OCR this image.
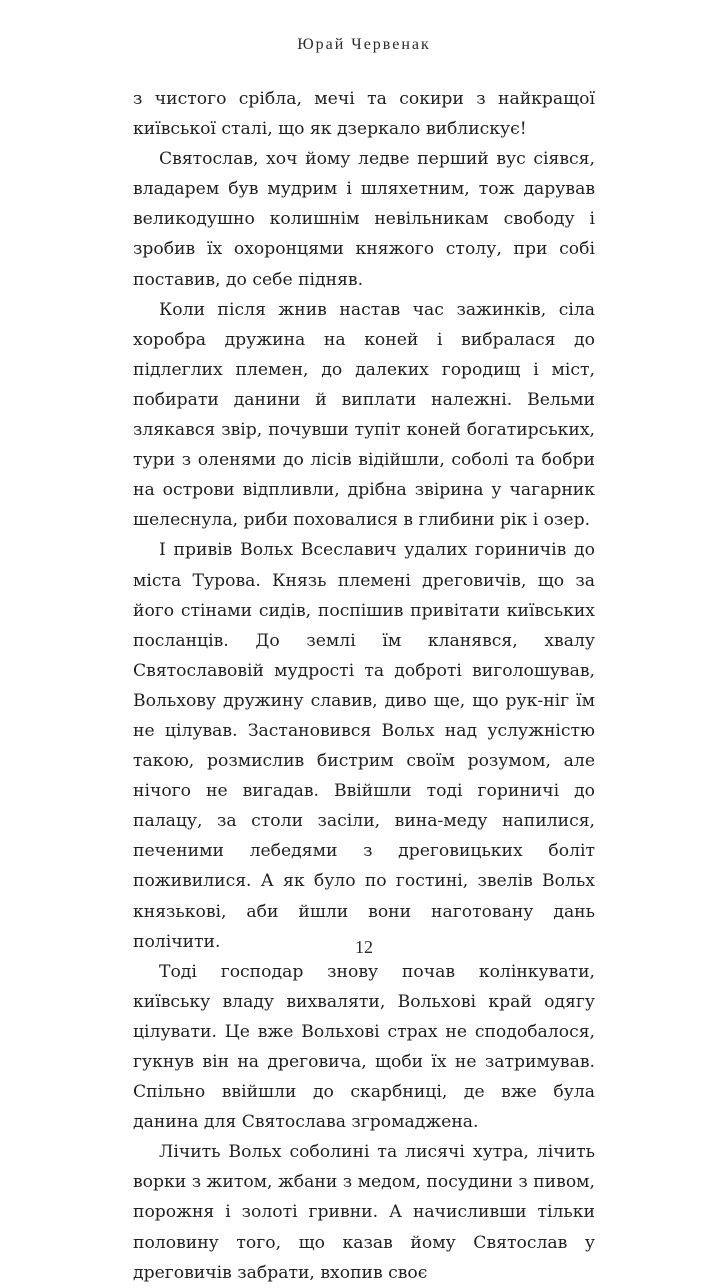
Юрай Червенак

з чистого срібла, мечі та сокири з найкращої київської сталі, що як дзеркало виблискує!

Святослав, хоч йому ледве перший вус сіявся, владарем був мудрим і шляхетним, тож дарував великодушно колишнім невільникам свободу і зробив їх охоронцями княжого столу, при собі поставив, до себе підняв.

Коли після жнив настав час зажинків, сіла хоробра дружина на коней і вибралася до підлеглих племен, до далеких городищ і міст, побирати данини й виплати належні. Вельми злякався звір, почувши тупіт коней богатирських, тури з оленями до лісів відійшли, соболі та бобри на острови відпливли, дрібна звірина у чагарник шелеснула, риби поховалися в глибини рік і озер.

І привів Вольх Всеславич удалих гориничів до міста Турова. Князь племені дреговичів, що за його стінами сидів, поспішив привітати київських посланців. До землі їм кланявся, хвалу Святославовій мудрості та доброті виголошував, Вольхову дружину славив, диво ще, що рук-ніг їм не цілував. Застановився Вольх над услужністю такою, розмислив бистрим своїм розумом, але нічого не вигадав. Ввійшли тоді гориничі до палацу, за столи засіли, вина-меду напилися, печеними лебедями з дреговицьких боліт поживилися. А як було по гостині, звелів Вольх князькові, аби йшли вони наготовану дань полічити.

Тоді господар знову почав колінкувати, київську владу вихваляти, Вольхові край одягу цілувати. Це вже Вольхові страх не сподобалося, гукнув він на дреговича, щоби їх не затримував. Спільно ввійшли до скарбниці, де вже була данина для Святослава згромаджена.

Лічить Вольх соболині та лисячі хутра, лічить ворки з житом, жбани з медом, посудини з пивом, порожня і золоті гривни. А начисливши тільки половину того, що казав йому Святослав у дреговичів забрати, вхопив своє

12
